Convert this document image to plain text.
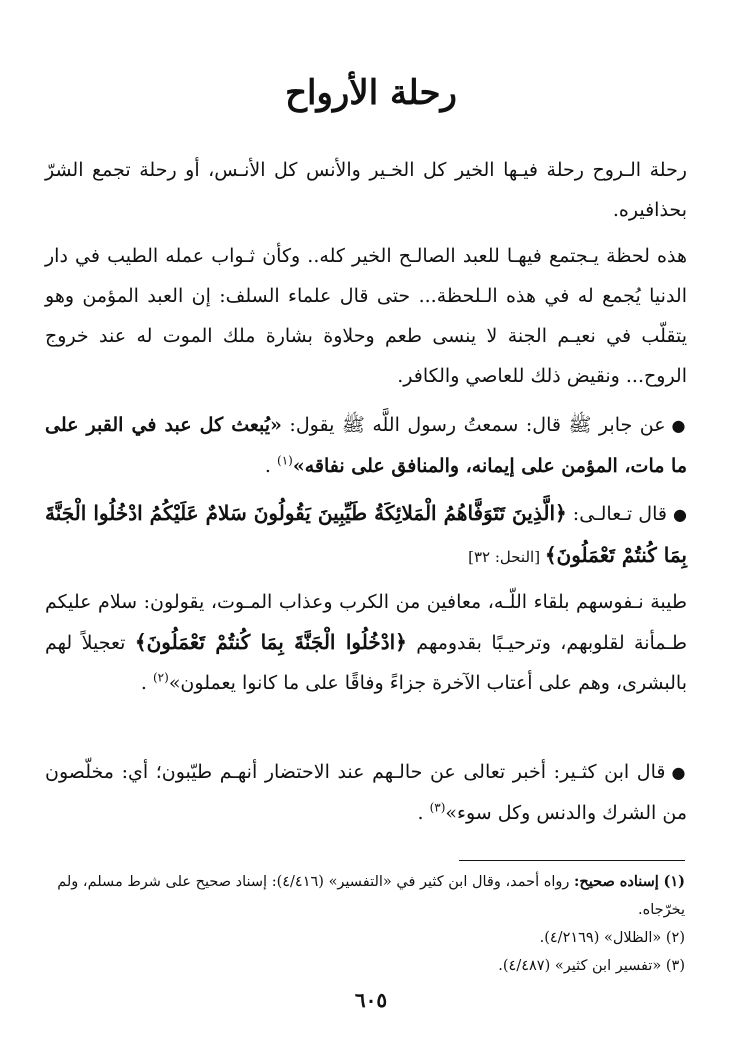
رحلة الأرواح

رحلة الـروح رحلة فيـها الخير كل الخـير والأنس كل الأنـس، أو رحلة تجمع الشرّ بحذافيره.

هذه لحظة يـجتمع فيهـا للعبد الصالـح الخير كله.. وكأن ثـواب عمله الطيب في دار الدنيا يُجمع له في هذه الـلحظة... حتى قال علماء السلف: إن العبد المؤمن وهو يتقلّب في نعيـم الجنة لا ينسى طعم وحلاوة بشارة ملك الموت له عند خروج الروح... ونقيض ذلك للعاصي والكافر.

●عن جابر ﷺ قال: سمعتُ رسول اللَّه ﷺ يقول: «يُبعث كل عبد في القبر على ما مات، المؤمن على إيمانه، والمنافق على نفاقه»$^{(١)}$ .

●قال تـعالـى: ﴿الَّذِينَ تَتَوَفَّاهُمُ الْمَلائِكَةُ طَيِّبِينَ يَقُولُونَ سَلامٌ عَلَيْكُمُ ادْخُلُوا الْجَنَّةَ بِمَا كُنتُمْ تَعْمَلُونَ﴾ [النحل: ٣٢]

طيبة نـفوسهم بلقاء اللّـه، معافين من الكرب وعذاب المـوت، يقولون: سلام عليكم طـمأنة لقلوبهم، وترحيـبًا بقدومهم ﴿ادْخُلُوا الْجَنَّةَ بِمَا كُنتُمْ تَعْمَلُونَ﴾ تعجيلاً لهم بالبشرى، وهم على أعتاب الآخرة جزاءً وفاقًا على ما كانوا يعملون»$^{(٢)}$ .

●قال ابن كثـير: أخبر تعالى عن حالـهم عند الاحتضار أنهـم طيّبون؛ أي: مخلّصون من الشرك والدنس وكل سوء»$^{(٣)}$ .

(١) إسناده صحيح: رواه أحمد، وقال ابن كثير في «التفسير» (٤/٤١٦): إسناد صحيح على شرط مسلم، ولم يخرّجاه.
(٢) «الظلال» (٤/٢١٦٩).
(٣) «تفسير ابن كثير» (٤/٤٨٧).
٦٠٥
